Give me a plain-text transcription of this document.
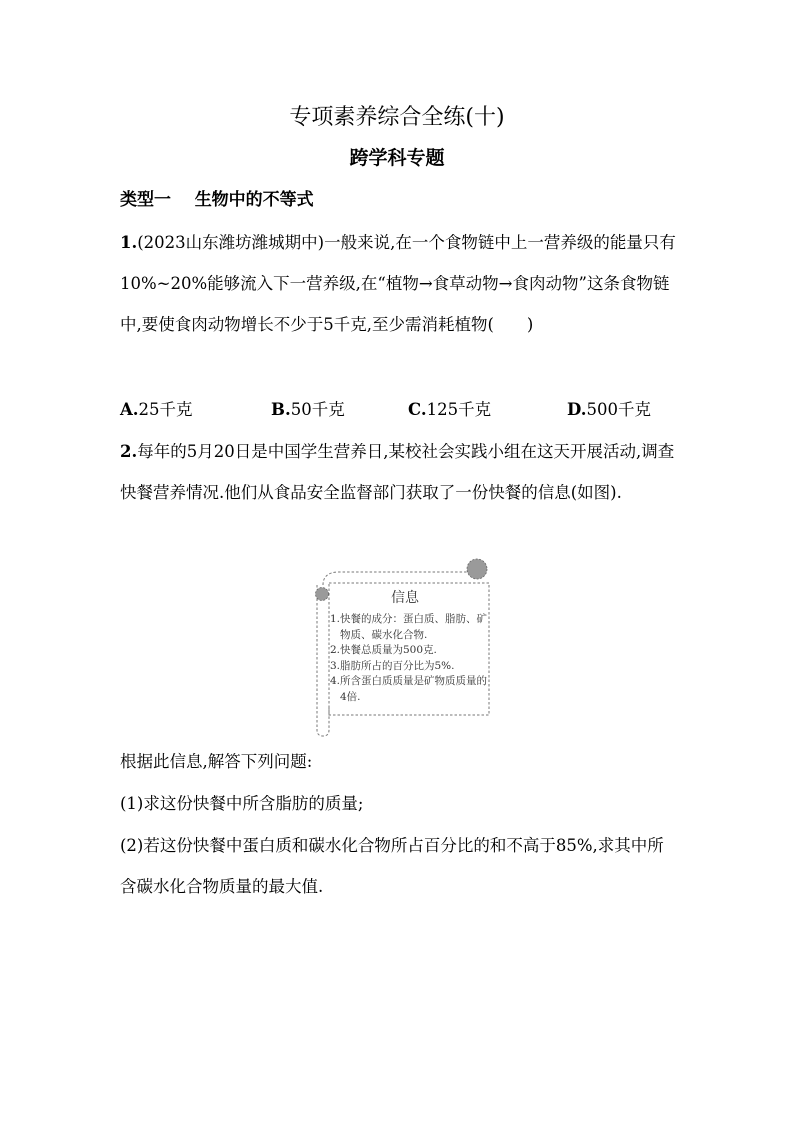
专项素养综合全练(十)
跨学科专题
类型一 生物中的不等式
1.(2023山东潍坊潍城期中)一般来说,在一个食物链中上一营养级的能量只有10%~20%能够流入下一营养级,在“植物→食草动物→食肉动物”这条食物链中,要使食肉动物增长不少于5千克,至少需消耗植物(　　)
A.25千克	B.50千克	C.125千克	D.500千克
2.每年的5月20日是中国学生营养日,某校社会实践小组在这天开展活动,调查快餐营养情况.他们从食品安全监督部门获取了一份快餐的信息(如图).
信息
1. 快餐的成分：蛋白质、脂肪、矿物质、碳水化合物.
2. 快餐总质量为500克.
3. 脂肪所占的百分比为5%.
4. 所含蛋白质质量是矿物质质量的4倍.
根据此信息,解答下列问题:
(1)求这份快餐中所含脂肪的质量;
(2)若这份快餐中蛋白质和碳水化合物所占百分比的和不高于85%,求其中所含碳水化合物质量的最大值.
